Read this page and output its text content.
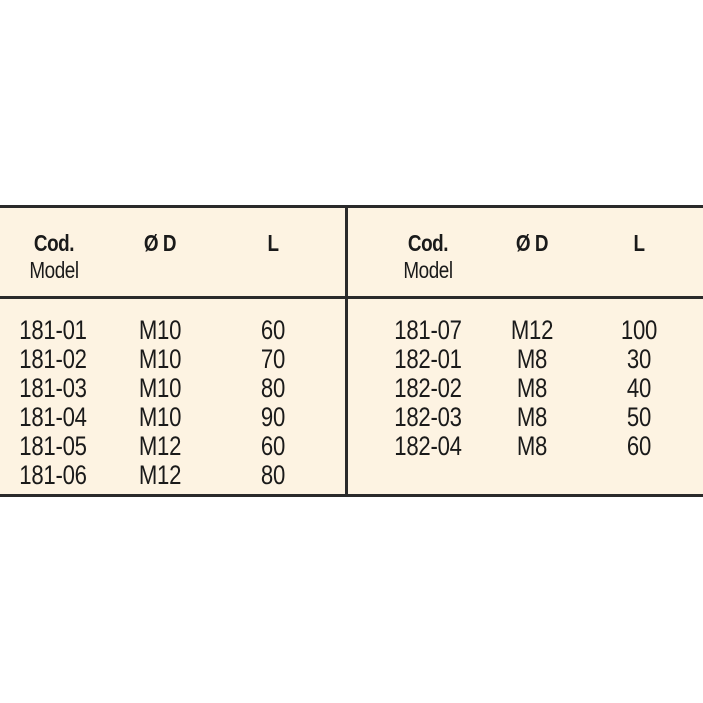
Cod.
Model
Ø D	L
181-01
181-02
181-03
181-04
181-05
181-06
M10
M10
M10
M10
M12
M12
60
70
80
90
60
80
Cod.
Model
Ø D	L
181-07
182-01
182-02
182-03
182-04
M12
M8
M8
M8
M8
100
30
40
50
60
